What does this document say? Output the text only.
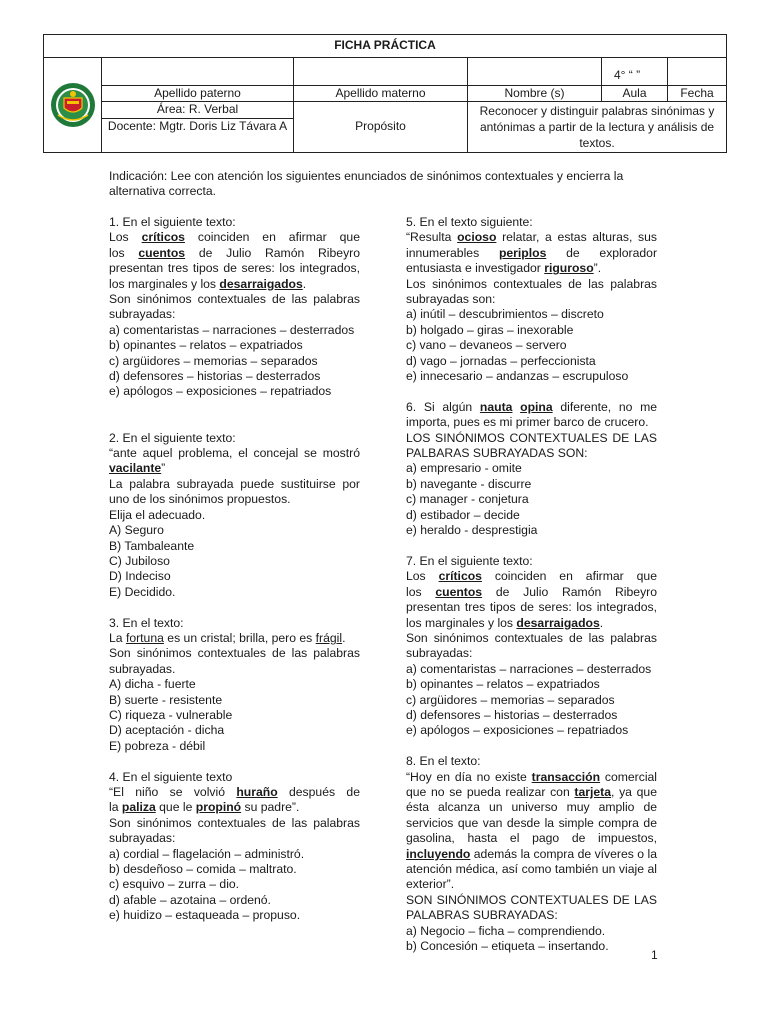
FICHA PRÁCTICA					

				4° “ ”	
	Apellido paterno	Apellido materno	Nombre (s)	Aula	Fecha
	Área: R. Verbal	Propósito	Reconocer y distinguir palabras sinónimas y antónimas a partir de la lectura y análisis de textos.		
	Docente: Mgtr. Doris Liz Távara A				

Indicación: Lee con atención los siguientes enunciados de sinónimos contextuales y encierra la alternativa correcta.

1. En el siguiente texto:

Los críticos coinciden en afirmar que

los cuentos de Julio Ramón Ribeyro presentan tres tipos de seres: los integrados, los marginales y los desarraigados.

Son sinónimos contextuales de las palabras subrayadas:

a) comentaristas – narraciones – desterrados

b) opinantes – relatos – expatriados

c) argüidores – memorias – separados

d) defensores – historias – desterrados

e) apólogos – exposiciones – repatriados

2. En el siguiente texto:

“ante aquel problema, el concejal se mostró vacilante”

La palabra subrayada puede sustituirse por uno de los sinónimos propuestos.

Elija el adecuado.

A) Seguro

B) Tambaleante

C) Jubiloso

D) Indeciso

E) Decidido.

3. En el texto:

La fortuna es un cristal; brilla, pero es frágil.

Son sinónimos contextuales de las palabras subrayadas.

A) dicha - fuerte

B) suerte - resistente

C) riqueza - vulnerable

D) aceptación - dicha

E) pobreza - débil

4. En el siguiente texto

“El niño se volvió huraño después de

la paliza que le propinó su padre”.

Son sinónimos contextuales de las palabras subrayadas:

a) cordial – flagelación – administró.

b) desdeñoso – comida – maltrato.

c) esquivo – zurra – dio.

d) afable – azotaina – ordenó.

e) huidizo – estaqueada – propuso.

5. En el texto siguiente:

“Resulta ocioso relatar, a estas alturas, sus innumerables periplos de explorador entusiasta e investigador riguroso”.

Los sinónimos contextuales de las palabras subrayadas son:

a) inútil – descubrimientos – discreto

b) holgado – giras – inexorable

c) vano – devaneos – servero

d) vago – jornadas – perfeccionista

e) innecesario – andanzas – escrupuloso

6. Si algún nauta opina diferente, no me

importa, pues es mi primer barco de crucero.

LOS SINÓNIMOS CONTEXTUALES DE LAS PALBARAS SUBRAYADAS SON:

a) empresario - omite

b) navegante - discurre

c) manager - conjetura

d) estibador – decide

e) heraldo - desprestigia

7. En el siguiente texto:

Los críticos coinciden en afirmar que

los cuentos de Julio Ramón Ribeyro presentan tres tipos de seres: los integrados, los marginales y los desarraigados.

Son sinónimos contextuales de las palabras subrayadas:

a) comentaristas – narraciones – desterrados

b) opinantes – relatos – expatriados

c) argüidores – memorias – separados

d) defensores – historias – desterrados

e) apólogos – exposiciones – repatriados

8. En el texto:

“Hoy en día no existe transacción comercial que no se pueda realizar con tarjeta, ya que ésta alcanza un universo muy amplio de servicios que van desde la simple compra de gasolina, hasta el pago de impuestos, incluyendo además la compra de víveres o la atención médica, así como también un viaje al exterior”.

SON SINÓNIMOS CONTEXTUALES DE LAS PALABRAS SUBRAYADAS:

a) Negocio – ficha – comprendiendo.

b) Concesión – etiqueta – insertando.

1
